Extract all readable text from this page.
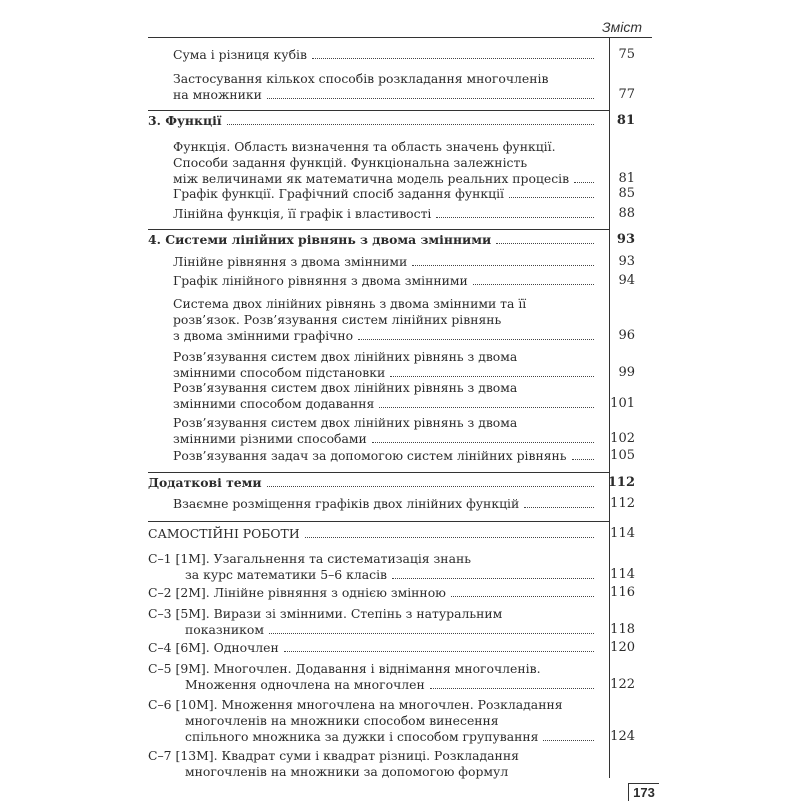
Зміст
Сума і різниця кубів	75
Застосування кількох способів розкладання многочленів
на множники	77
3. Функції	81
Функція. Область визначення та область значень функції.
Способи задання функцій. Функціональна залежність
між величинами як математична модель реальних процесів	81
Графік функції. Графічний спосіб задання функції	85
Лінійна функція, її графік і властивості	88
4. Системи лінійних рівнянь з двома змінними	93
Лінійне рівняння з двома змінними	93
Графік лінійного рівняння з двома змінними	94
Система двох лінійних рівнянь з двома змінними та її
розв’язок. Розв’язування систем лінійних рівнянь
з двома змінними графічно	96
Розв’язування систем двох лінійних рівнянь з двома
змінними способом підстановки	99
Розв’язування систем двох лінійних рівнянь з двома
змінними способом додавання	101
Розв’язування систем двох лінійних рівнянь з двома
змінними різними способами	102
Розв’язування задач за допомогою систем лінійних рівнянь	105
Додаткові теми	112
Взаємне розміщення графіків двох лінійних функцій	112
САМОСТІЙНІ РОБОТИ	114
С–1 [1М]. Узагальнення та систематизація знань
за курс математики 5–6 класів	114
С–2 [2М]. Лінійне рівняння з однією змінною	116
С–3 [5М]. Вирази зі змінними. Степінь з натуральним
показником	118
С–4 [6М]. Одночлен	120
С–5 [9М]. Многочлен. Додавання і віднімання многочленів.
Множення одночлена на многочлен	122
С–6 [10М]. Множення многочлена на многочлен. Розкладання
многочленів на множники способом винесення
спільного множника за дужки і способом групування	124
С–7 [13М]. Квадрат суми і квадрат різниці. Розкладання
многочленів на множники за допомогою формул
173
